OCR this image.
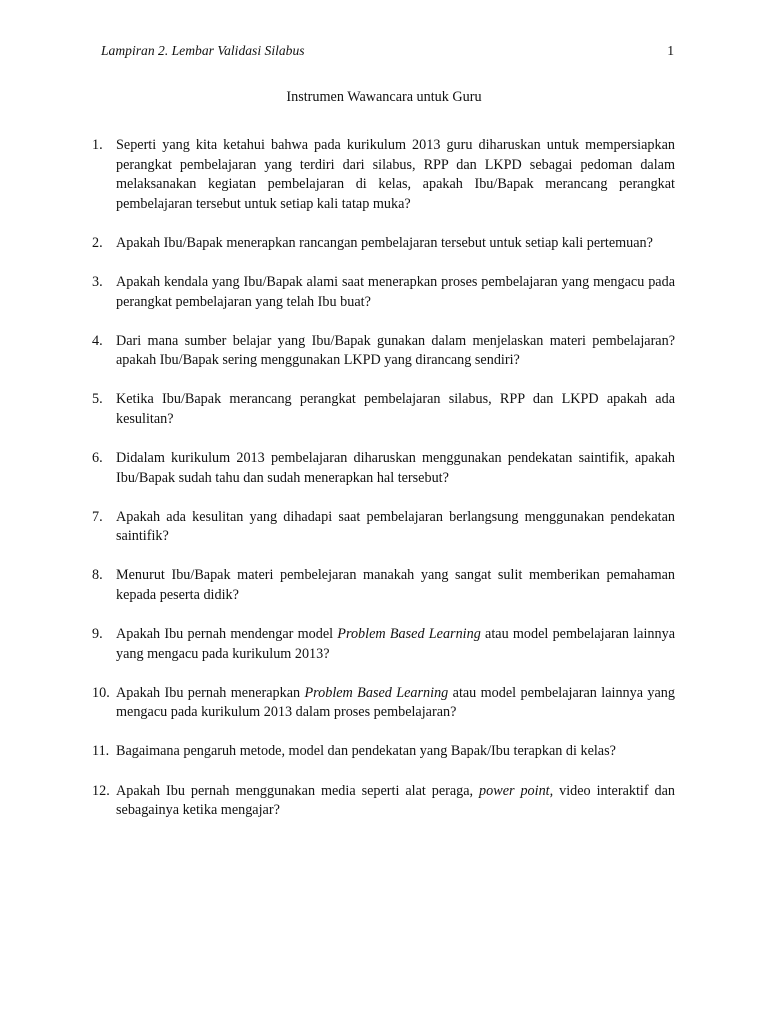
Lampiran 2. Lembar Validasi Silabus	1
Instrumen Wawancara untuk Guru
1. Seperti yang kita ketahui bahwa pada kurikulum 2013 guru diharuskan untuk mempersiapkan perangkat pembelajaran yang terdiri dari silabus, RPP dan LKPD sebagai pedoman dalam melaksanakan kegiatan pembelajaran di kelas, apakah Ibu/Bapak merancang perangkat pembelajaran tersebut untuk setiap kali tatap muka?
2. Apakah Ibu/Bapak menerapkan rancangan pembelajaran tersebut untuk setiap kali pertemuan?
3. Apakah kendala yang Ibu/Bapak alami saat menerapkan proses pembelajaran yang mengacu pada perangkat pembelajaran yang telah Ibu buat?
4. Dari mana sumber belajar yang Ibu/Bapak gunakan dalam menjelaskan materi pembelajaran? apakah Ibu/Bapak sering menggunakan LKPD yang dirancang sendiri?
5. Ketika Ibu/Bapak merancang perangkat pembelajaran silabus, RPP dan LKPD apakah ada kesulitan?
6. Didalam kurikulum 2013 pembelajaran diharuskan menggunakan pendekatan saintifik, apakah Ibu/Bapak sudah tahu dan sudah menerapkan hal tersebut?
7. Apakah ada kesulitan yang dihadapi saat pembelajaran berlangsung menggunakan pendekatan saintifik?
8. Menurut Ibu/Bapak materi pembelejaran manakah yang sangat sulit memberikan pemahaman kepada peserta didik?
9. Apakah Ibu pernah mendengar model Problem Based Learning atau model pembelajaran lainnya yang mengacu pada kurikulum 2013?
10. Apakah Ibu pernah menerapkan Problem Based Learning atau model pembelajaran lainnya yang mengacu pada kurikulum 2013 dalam proses pembelajaran?
11. Bagaimana pengaruh metode, model dan pendekatan yang Bapak/Ibu terapkan di kelas?
12. Apakah Ibu pernah menggunakan media seperti alat peraga, power point, video interaktif dan sebagainya ketika mengajar?
